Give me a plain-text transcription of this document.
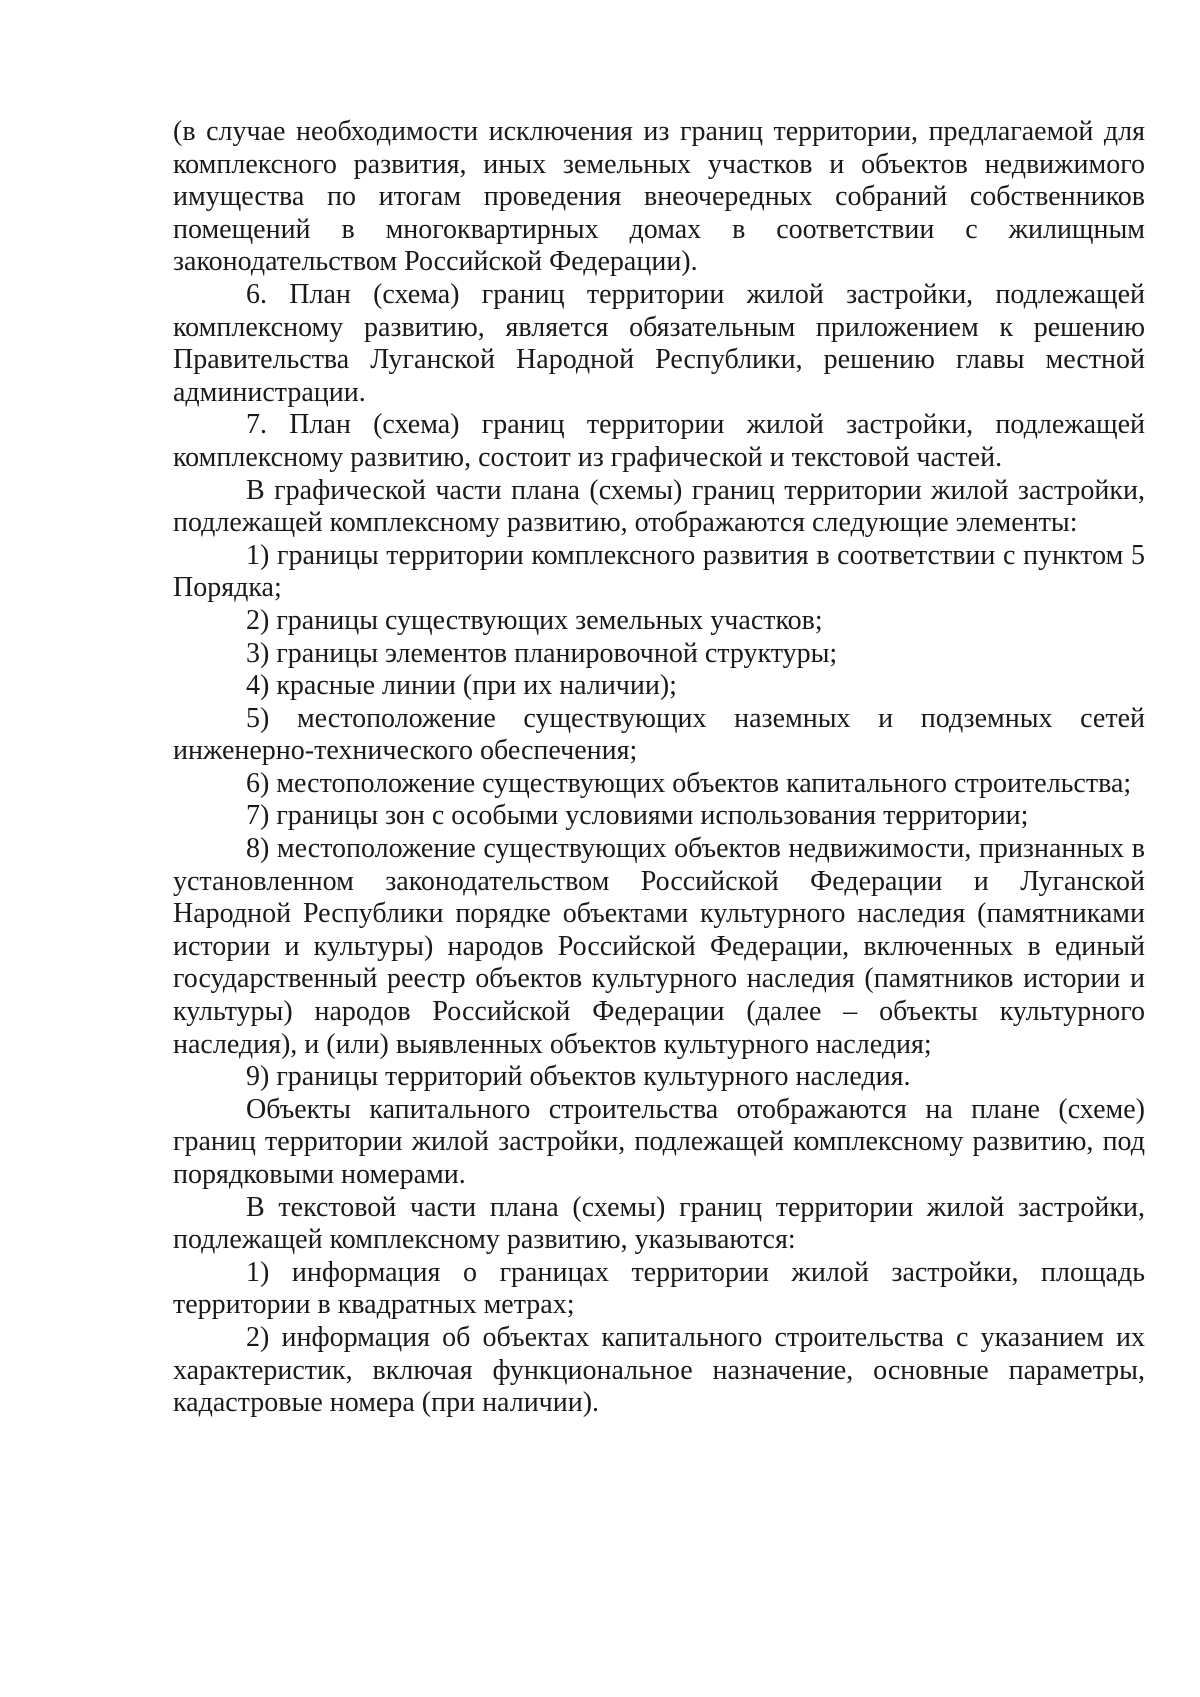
(в случае необходимости исключения из границ территории, предлагаемой для комплексного развития, иных земельных участков и объектов недвижимого имущества по итогам проведения внеочередных собраний собственников помещений в многоквартирных домах в соответствии с жилищным законодательством Российской Федерации).

6. План (схема) границ территории жилой застройки, подлежащей комплексному развитию, является обязательным приложением к решению Правительства Луганской Народной Республики, решению главы местной администрации.

7. План (схема) границ территории жилой застройки, подлежащей комплексному развитию, состоит из графической и текстовой частей.

В графической части плана (схемы) границ территории жилой застройки, подлежащей комплексному развитию, отображаются следующие элементы:

1) границы территории комплексного развития в соответствии с пунктом 5 Порядка;

2) границы существующих земельных участков;

3) границы элементов планировочной структуры;

4) красные линии (при их наличии);

5) местоположение существующих наземных и подземных сетей инженерно-технического обеспечения;

6) местоположение существующих объектов капитального строительства;

7) границы зон с особыми условиями использования территории;

8) местоположение существующих объектов недвижимости, признанных в установленном законодательством Российской Федерации и Луганской Народной Республики порядке объектами культурного наследия (памятниками истории и культуры) народов Российской Федерации, включенных в единый государственный реестр объектов культурного наследия (памятников истории и культуры) народов Российской Федерации (далее – объекты культурного наследия), и (или) выявленных объектов культурного наследия;

9) границы территорий объектов культурного наследия.

Объекты капитального строительства отображаются на плане (схеме) границ территории жилой застройки, подлежащей комплексному развитию, под порядковыми номерами.

В текстовой части плана (схемы) границ территории жилой застройки, подлежащей комплексному развитию, указываются:

1) информация о границах территории жилой застройки, площадь территории в квадратных метрах;

2) информация об объектах капитального строительства с указанием их характеристик, включая функциональное назначение, основные параметры, кадастровые номера (при наличии).
